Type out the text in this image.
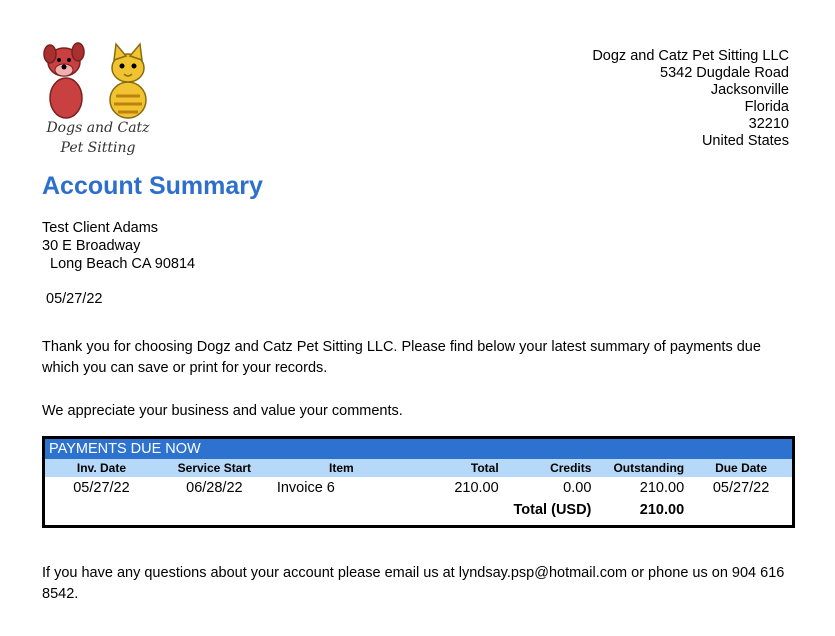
Dogs and Catz
Pet Sitting
Dogz and Catz Pet Sitting LLC
5342 Dugdale Road
Jacksonville
Florida
32210
United States
Account Summary
Test Client Adams
30 E Broadway
Long Beach CA 90814
05/27/22
Thank you for choosing Dogz and Catz Pet Sitting LLC. Please find below your latest summary of payments due which you can save or print for your records.
We appreciate your business and value your comments.
PAYMENTS DUE NOW
Inv. Date	Service Start	Item	Total	Credits	Outstanding	Due Date
05/27/22	06/28/22	Invoice 6	210.00	0.00	210.00	05/27/22
				Total (USD)	210.00	
If you have any questions about your account please email us at lyndsay.psp@hotmail.com or phone us on 904 616 8542.
